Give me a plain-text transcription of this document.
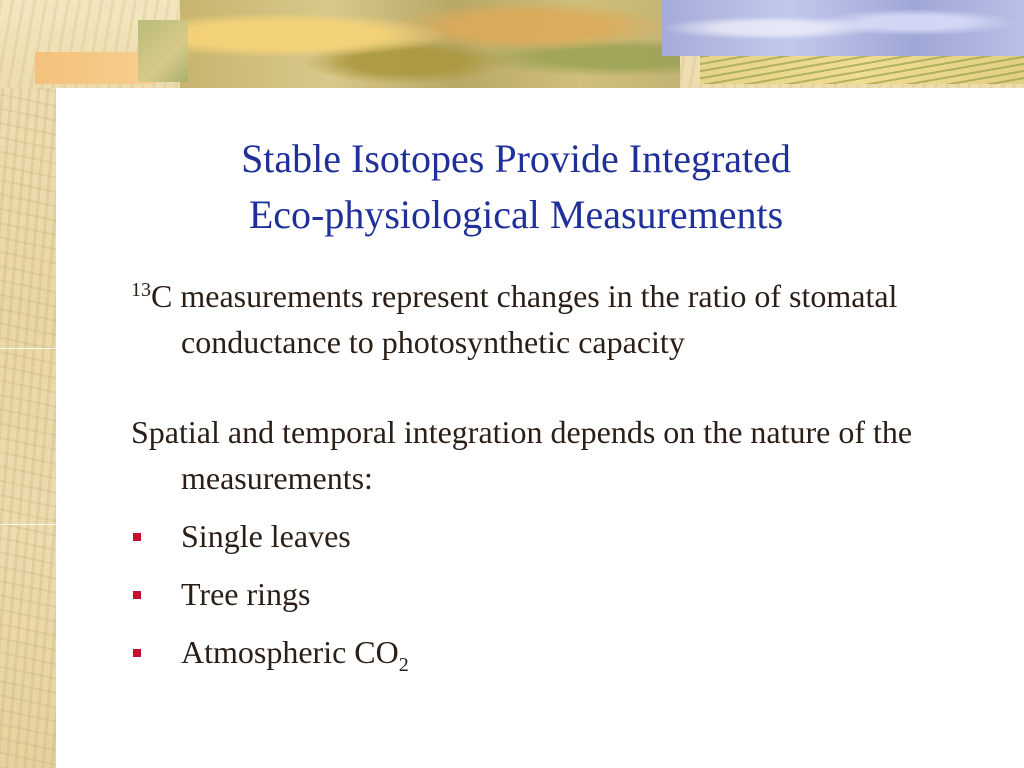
Stable Isotopes Provide Integrated
Eco-physiological Measurements

$^{13}$C measurements represent changes in the ratio of stomatal conductance to photosynthetic capacity

Spatial and temporal integration depends on the nature of the measurements:

Single leaves
Tree rings
Atmospheric $CO_2$
